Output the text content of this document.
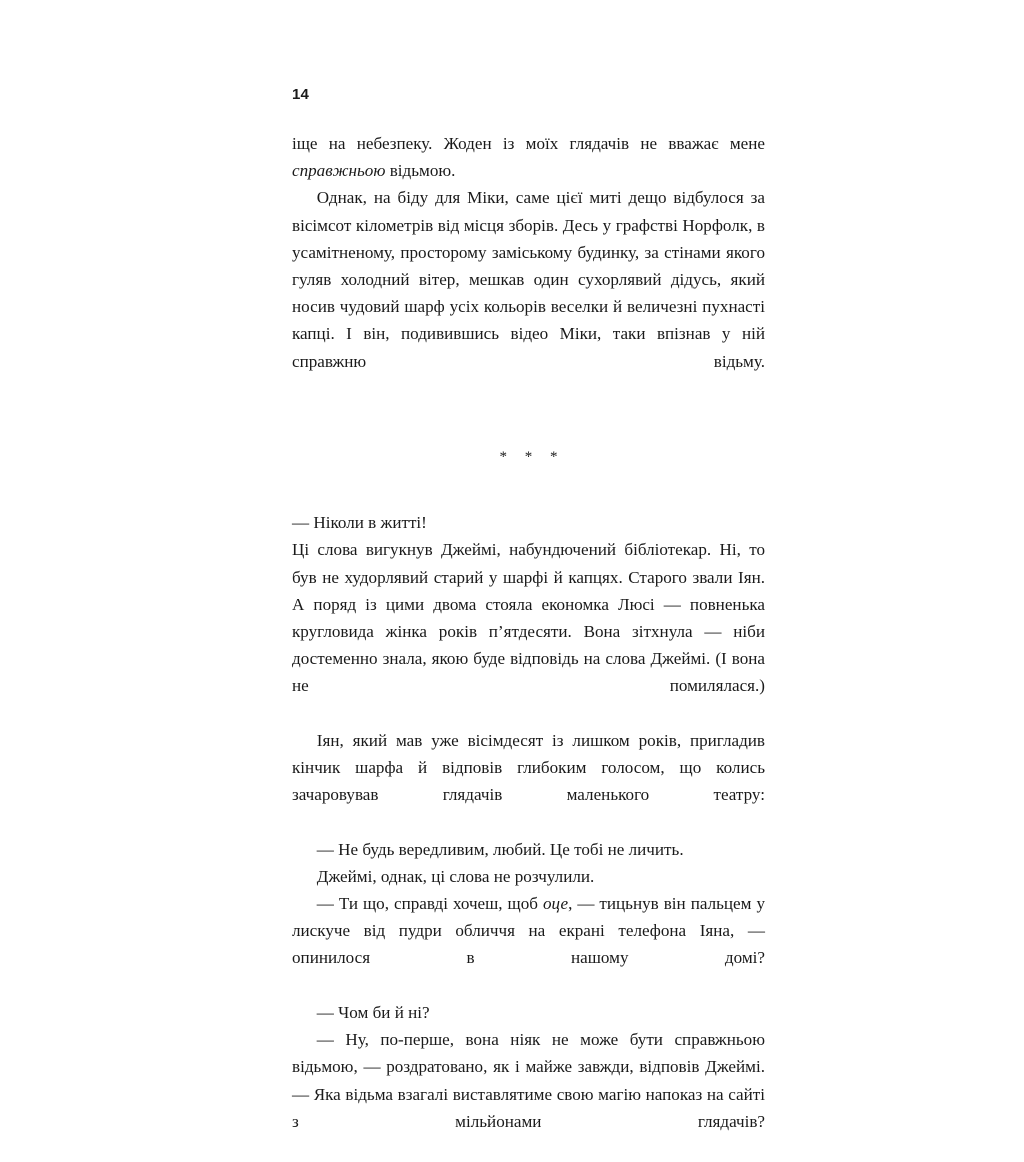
14

іще на небезпеку. Жоден із моїх глядачів не вважає мене справжньою відьмою.

Однак, на біду для Міки, саме цієї миті дещо відбулося за вісімсот кілометрів від місця зборів. Десь у графстві Норфолк, в усамітненому, просторому заміському будинку, за стінами якого гуляв холодний вітер, мешкав один сухорлявий дідусь, який носив чудовий шарф усіх кольорів веселки й величезні пухнасті капці. І він, подивившись відео Міки, таки впізнав у ній справжню відьму.

* * *

— Ніколи в житті!

Ці слова вигукнув Джеймі, набундючений бібліотекар. Ні, то був не худорлявий старий у шарфі й капцях. Старого звали Іян. А поряд із цими двома стояла економка Люсі — повненька кругловида жінка років п’ятдесяти. Вона зітхнула — ніби достеменно знала, якою буде відповідь на слова Джеймі. (І вона не помилялася.)

Іян, який мав уже вісімдесят із лишком років, пригладив кінчик шарфа й відповів глибоким голосом, що колись зачаровував глядачів маленького театру:

— Не будь вередливим, любий. Це тобі не личить.

Джеймі, однак, ці слова не розчулили.

— Ти що, справді хочеш, щоб оце, — тицьнув він пальцем у лискуче від пудри обличчя на екрані телефона Іяна, — опинилося в нашому домі?

— Чом би й ні?

— Ну, по-перше, вона ніяк не може бути справжньою відьмою, — роздратовано, як і майже завжди, відповів Джеймі. — Яка відьма взагалі виставлятиме свою магію напоказ на сайті з мільйонами глядачів?
